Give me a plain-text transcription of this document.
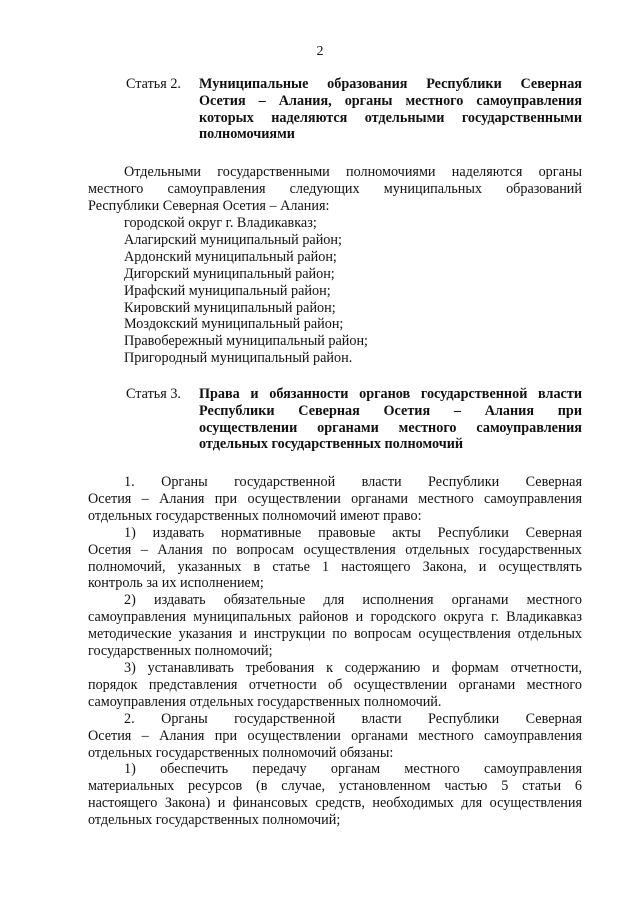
2
Статья 2. Муниципальные образования Республики Северная
Осетия – Алания, органы местного самоуправления
которых наделяются отдельными государственными
полномочиями
Отдельными государственными полномочиями наделяются органы
местного самоуправления следующих муниципальных образований
Республики Северная Осетия – Алания:
городской округ г. Владикавказ;
Алагирский муниципальный район;
Ардонский муниципальный район;
Дигорский муниципальный район;
Ирафский муниципальный район;
Кировский муниципальный район;
Моздокский муниципальный район;
Правобережный муниципальный район;
Пригородный муниципальный район.
Статья 3. Права и обязанности органов государственной власти
Республики Северная Осетия – Алания при
осуществлении органами местного самоуправления
отдельных государственных полномочий
1. Органы государственной власти Республики Северная
Осетия – Алания при осуществлении органами местного самоуправления
отдельных государственных полномочий имеют право:
1) издавать нормативные правовые акты Республики Северная
Осетия – Алания по вопросам осуществления отдельных государственных
полномочий, указанных в статье 1 настоящего Закона, и осуществлять
контроль за их исполнением;
2) издавать обязательные для исполнения органами местного
самоуправления муниципальных районов и городского округа г. Владикавказ
методические указания и инструкции по вопросам осуществления отдельных
государственных полномочий;
3) устанавливать требования к содержанию и формам отчетности,
порядок представления отчетности об осуществлении органами местного
самоуправления отдельных государственных полномочий.
2. Органы государственной власти Республики Северная
Осетия – Алания при осуществлении органами местного самоуправления
отдельных государственных полномочий обязаны:
1) обеспечить передачу органам местного самоуправления
материальных ресурсов (в случае, установленном частью 5 статьи 6
настоящего Закона) и финансовых средств, необходимых для осуществления
отдельных государственных полномочий;
